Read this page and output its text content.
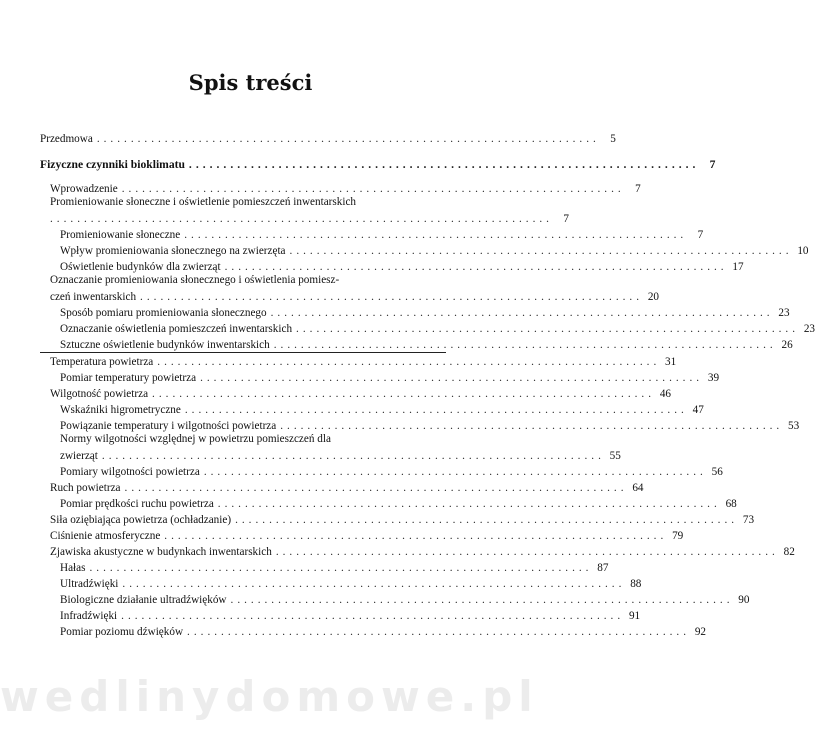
Spis treści
Przedmowa .......................................................................... 5
Fizyczne czynniki bioklimatu .......................................................................... 7
Wprowadzenie .......................................................................... 7
Promieniowanie słoneczne i oświetlenie pomieszczeń inwentarskich
.......................................................................... 7
Promieniowanie słoneczne .......................................................................... 7
Wpływ promieniowania słonecznego na zwierzęta .......................................................................... 10
Oświetlenie budynków dla zwierząt .......................................................................... 17
Oznaczanie promieniowania słonecznego i oświetlenia pomiesz-
czeń inwentarskich .......................................................................... 20
Sposób pomiaru promieniowania słonecznego .......................................................................... 23
Oznaczanie oświetlenia pomieszczeń inwentarskich .......................................................................... 23
Sztuczne oświetlenie budynków inwentarskich .......................................................................... 26
Temperatura powietrza .......................................................................... 31
Pomiar temperatury powietrza .......................................................................... 39
Wilgotność powietrza .......................................................................... 46
Wskaźniki higrometryczne .......................................................................... 47
Powiązanie temperatury i wilgotności powietrza .......................................................................... 53
Normy wilgotności względnej w powietrzu pomieszczeń dla
zwierząt .......................................................................... 55
Pomiary wilgotności powietrza .......................................................................... 56
Ruch powietrza .......................................................................... 64
Pomiar prędkości ruchu powietrza .......................................................................... 68
Siła oziębiająca powietrza (ochładzanie) .......................................................................... 73
Ciśnienie atmosferyczne .......................................................................... 79
Zjawiska akustyczne w budynkach inwentarskich .......................................................................... 82
Hałas .......................................................................... 87
Ultradźwięki .......................................................................... 88
Biologiczne działanie ultradźwięków .......................................................................... 90
Infradźwięki .......................................................................... 91
Pomiar poziomu dźwięków .......................................................................... 92
wedlinydomowe.pl
